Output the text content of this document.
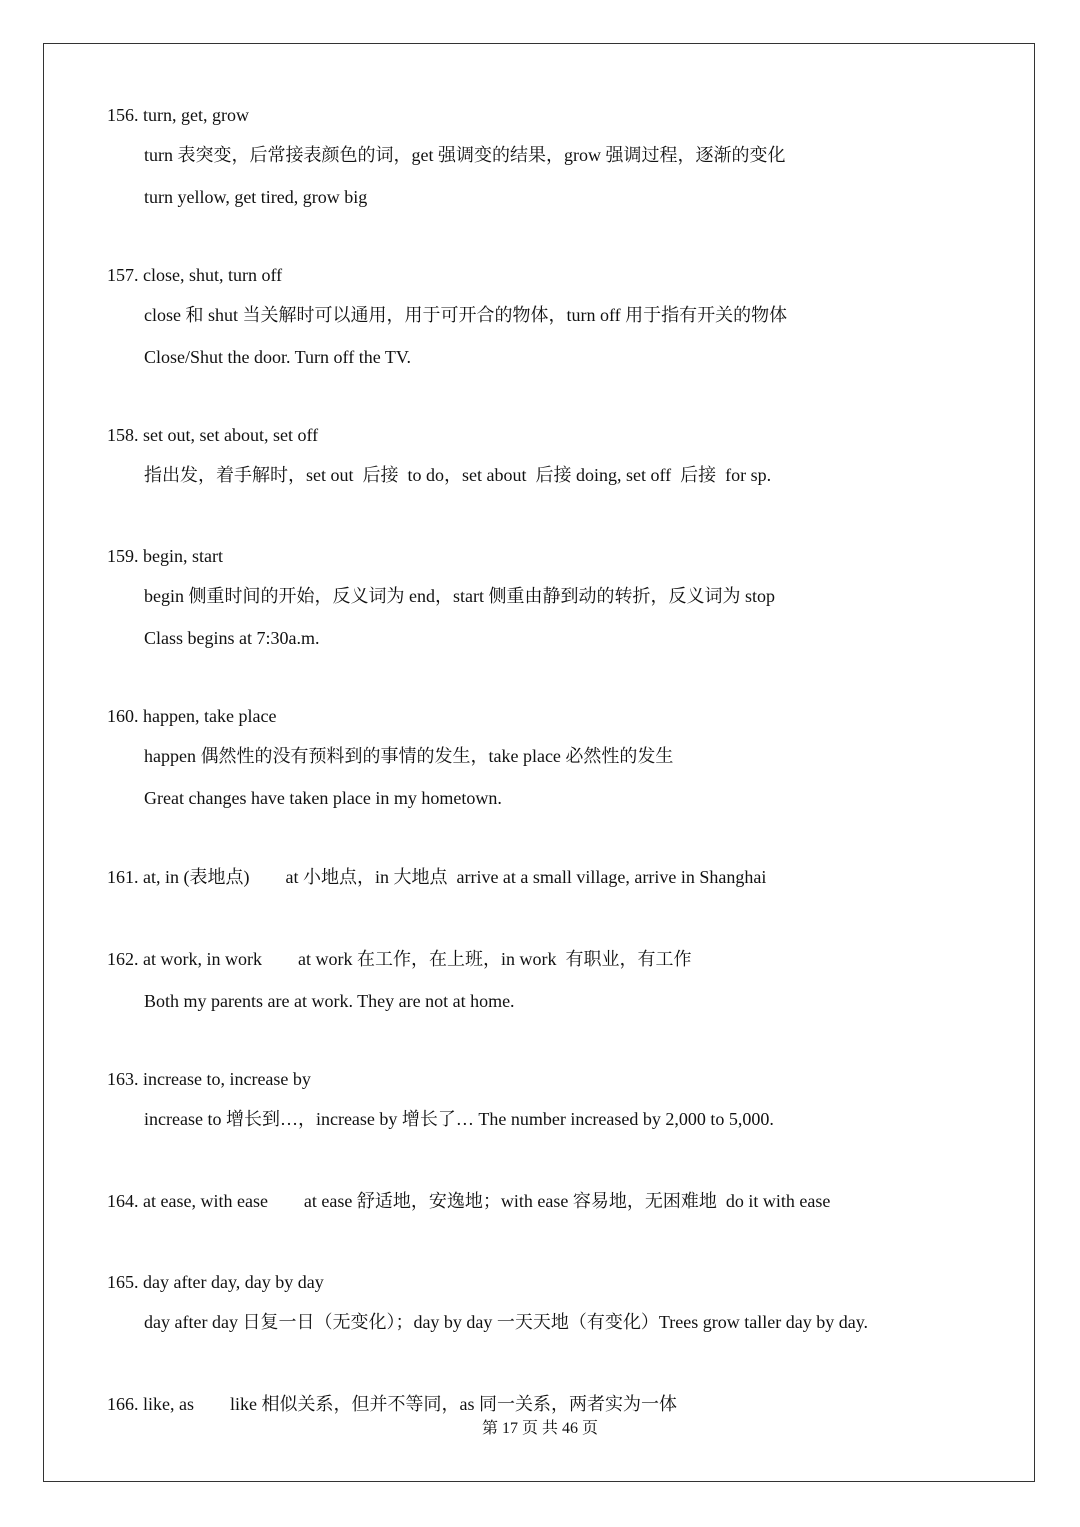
156. turn, get, grow
turn 表突变，后常接表颜色的词，get 强调变的结果，grow 强调过程，逐渐的变化
turn yellow, get tired, grow big
157. close, shut, turn off
close 和 shut 当关解时可以通用，用于可开合的物体，turn off 用于指有开关的物体
Close/Shut the door. Turn off the TV.
158. set out, set about, set off
指出发，着手解时，set out  后接  to do，set about  后接 doing, set off  后接  for sp.
159. begin, start
begin 侧重时间的开始，反义词为 end，start 侧重由静到动的转折，反义词为 stop
Class begins at 7:30a.m.
160. happen, take place
happen 偶然性的没有预料到的事情的发生，take place 必然性的发生
Great changes have taken place in my hometown.
161. at, in (表地点)        at 小地点，in 大地点  arrive at a small village, arrive in Shanghai
162. at work, in work        at work 在工作，在上班，in work  有职业，有工作
Both my parents are at work. They are not at home.
163. increase to, increase by
increase to 增长到…，increase by 增长了… The number increased by 2,000 to 5,000.
164. at ease, with ease        at ease 舒适地，安逸地；with ease 容易地，无困难地  do it with ease
165. day after day, day by day
day after day 日复一日（无变化）；day by day 一天天地（有变化）Trees grow taller day by day.
166. like, as        like 相似关系，但并不等同，as 同一关系，两者实为一体
第 17 页 共 46 页
